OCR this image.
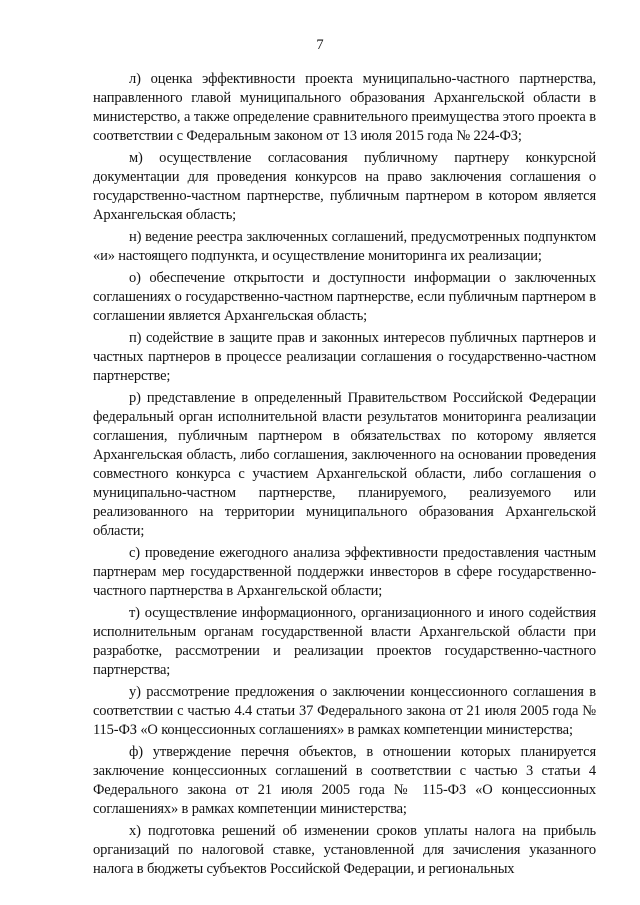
7

л) оценка эффективности проекта муниципально-частного партнерства, направленного главой муниципального образования Архангельской области в министерство, а также определение сравнительного преимущества этого проекта в соответствии с Федеральным законом от 13 июля 2015 года № 224-ФЗ;

м) осуществление согласования публичному партнеру конкурсной документации для проведения конкурсов на право заключения соглашения о государственно-частном партнерстве, публичным партнером в котором является Архангельская область;

н) ведение реестра заключенных соглашений, предусмотренных подпунктом «и» настоящего подпункта, и осуществление мониторинга их реализации;

о) обеспечение открытости и доступности информации о заключенных соглашениях о государственно-частном партнерстве, если публичным партнером в соглашении является Архангельская область;

п) содействие в защите прав и законных интересов публичных партнеров и частных партнеров в процессе реализации соглашения о государственно-частном партнерстве;

р) представление в определенный Правительством Российской Федерации федеральный орган исполнительной власти результатов мониторинга реализации соглашения, публичным партнером в обязательствах по которому является Архангельская область, либо соглашения, заключенного на основании проведения совместного конкурса с участием Архангельской области, либо соглашения о муниципально-частном партнерстве, планируемого, реализуемого или реализованного на территории муниципального образования Архангельской области;

с) проведение ежегодного анализа эффективности предоставления частным партнерам мер государственной поддержки инвесторов в сфере государственно-частного партнерства в Архангельской области;

т) осуществление информационного, организационного и иного содействия исполнительным органам государственной власти Архангельской области при разработке, рассмотрении и реализации проектов государственно-частного партнерства;

у) рассмотрение предложения о заключении концессионного соглашения в соответствии с частью 4.4 статьи 37 Федерального закона от 21 июля 2005 года № 115-ФЗ «О концессионных соглашениях» в рамках компетенции министерства;

ф) утверждение перечня объектов, в отношении которых планируется заключение концессионных соглашений в соответствии с частью 3 статьи 4 Федерального закона от 21 июля 2005 года № 115-ФЗ «О концессионных соглашениях» в рамках компетенции министерства;

х) подготовка решений об изменении сроков уплаты налога на прибыль организаций по налоговой ставке, установленной для зачисления указанного налога в бюджеты субъектов Российской Федерации, и региональных
